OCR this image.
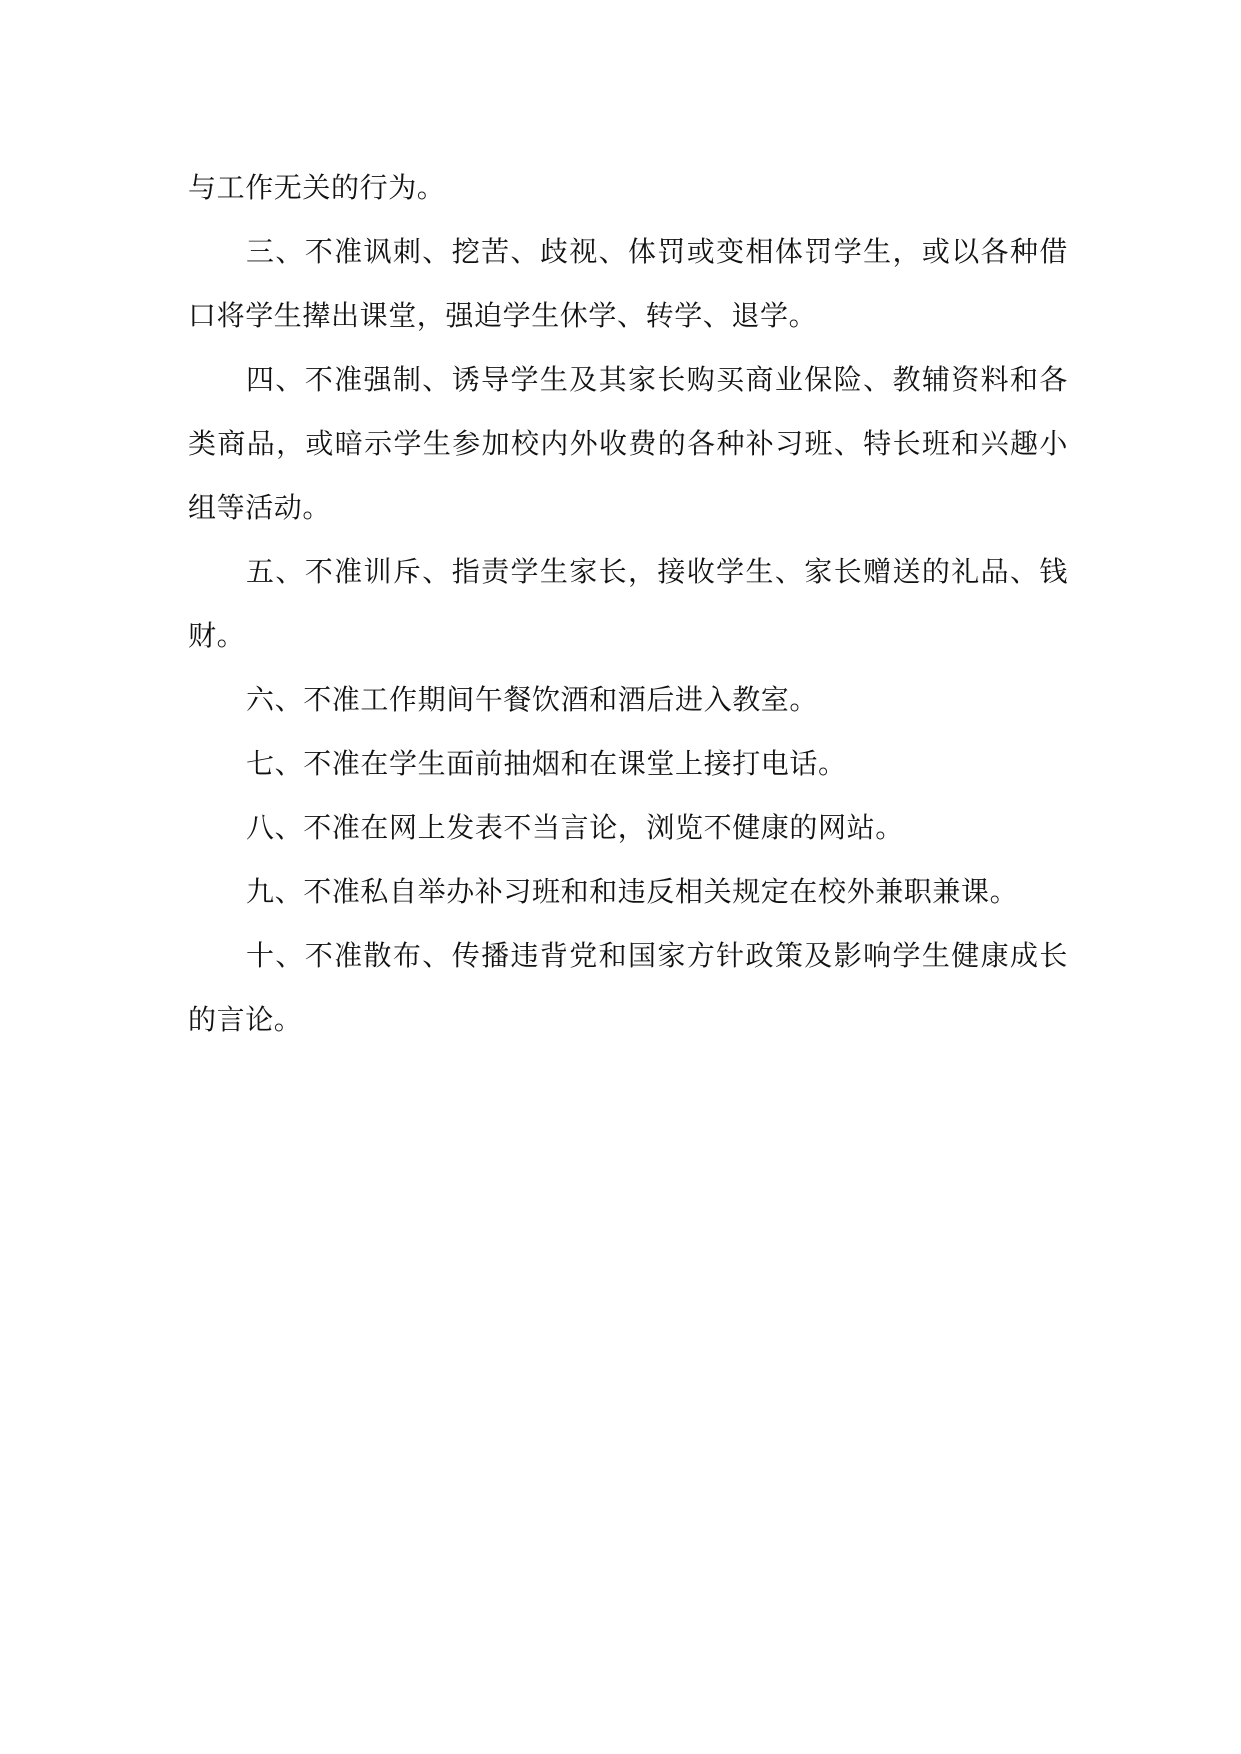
与工作无关的行为。

三、不准讽刺、挖苦、歧视、体罚或变相体罚学生，或以各种借口将学生撵出课堂，强迫学生休学、转学、退学。

四、不准强制、诱导学生及其家长购买商业保险、教辅资料和各类商品，或暗示学生参加校内外收费的各种补习班、特长班和兴趣小组等活动。

五、不准训斥、指责学生家长，接收学生、家长赠送的礼品、钱财。

六、不准工作期间午餐饮酒和酒后进入教室。

七、不准在学生面前抽烟和在课堂上接打电话。

八、不准在网上发表不当言论，浏览不健康的网站。

九、不准私自举办补习班和和违反相关规定在校外兼职兼课。

十、不准散布、传播违背党和国家方针政策及影响学生健康成长的言论。
